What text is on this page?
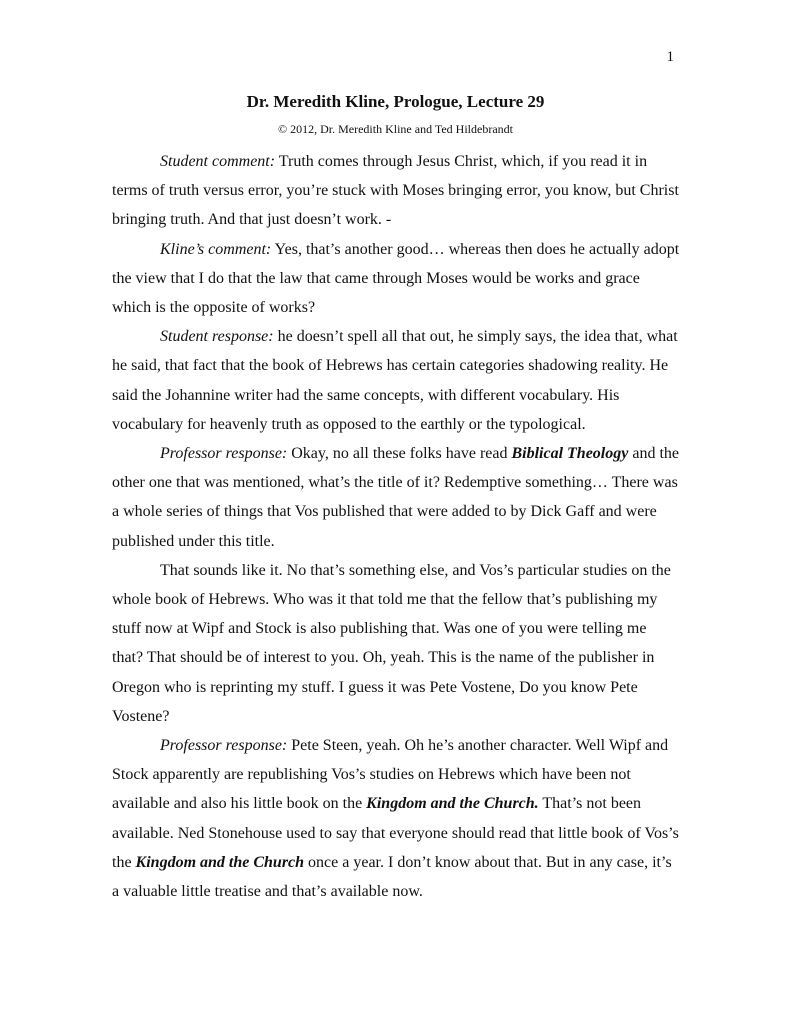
1
Dr. Meredith Kline, Prologue, Lecture 29
© 2012, Dr. Meredith Kline and Ted Hildebrandt

Student comment: Truth comes through Jesus Christ, which, if you read it in terms of truth versus error, you’re stuck with Moses bringing error, you know, but Christ bringing truth. And that just doesn’t work. -

Kline’s comment: Yes, that’s another good… whereas then does he actually adopt the view that I do that the law that came through Moses would be works and grace which is the opposite of works?

Student response: he doesn’t spell all that out, he simply says, the idea that, what he said, that fact that the book of Hebrews has certain categories shadowing reality. He said the Johannine writer had the same concepts, with different vocabulary. His vocabulary for heavenly truth as opposed to the earthly or the typological.

Professor response: Okay, no all these folks have read Biblical Theology and the other one that was mentioned, what’s the title of it? Redemptive something… There was a whole series of things that Vos published that were added to by Dick Gaff and were published under this title.

That sounds like it. No that’s something else, and Vos’s particular studies on the whole book of Hebrews. Who was it that told me that the fellow that’s publishing my stuff now at Wipf and Stock is also publishing that. Was one of you were telling me that? That should be of interest to you. Oh, yeah. This is the name of the publisher in Oregon who is reprinting my stuff. I guess it was Pete Vostene, Do you know Pete Vostene?

Professor response: Pete Steen, yeah. Oh he’s another character. Well Wipf and Stock apparently are republishing Vos’s studies on Hebrews which have been not available and also his little book on the Kingdom and the Church. That’s not been available. Ned Stonehouse used to say that everyone should read that little book of Vos’s the Kingdom and the Church once a year. I don’t know about that. But in any case, it’s a valuable little treatise and that’s available now.
